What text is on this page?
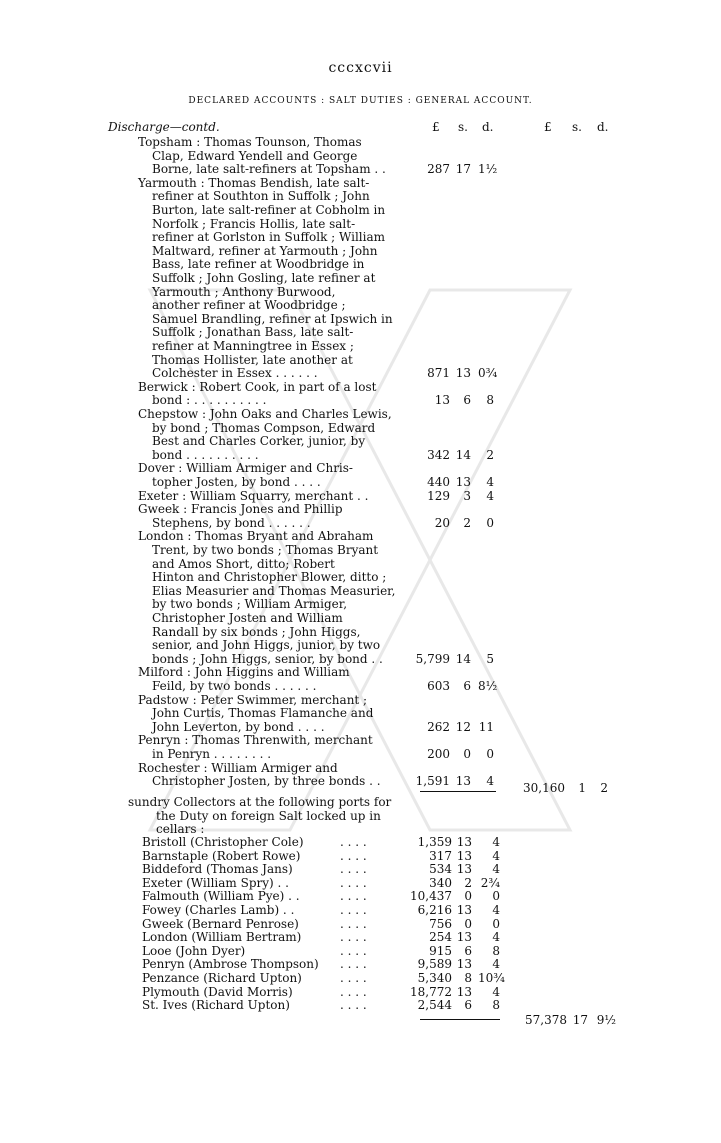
cccxcvii
DECLARED ACCOUNTS : SALT DUTIES : GENERAL ACCOUNT.
Discharge—contd.	£ s. d.	£ s. d.
Topsham : Thomas Tounson, Thomas
Clap, Edward Yendell and George
Borne, late salt-refiners at Topsham . .	287 17 1½
Yarmouth : Thomas Bendish, late salt-
refiner at Southton in Suffolk ; John
Burton, late salt-refiner at Cobholm in
Norfolk ; Francis Hollis, late salt-
refiner at Gorlston in Suffolk ; William
Maltward, refiner at Yarmouth ; John
Bass, late refiner at Woodbridge in
Suffolk ; John Gosling, late refiner at
Yarmouth ; Anthony Burwood,
another refiner at Woodbridge ;
Samuel Brandling, refiner at Ipswich in
Suffolk ; Jonathan Bass, late salt-
refiner at Manningtree in Essex ;
Thomas Hollister, late another at
Colchester in Essex . . . . . .	871 13 0¾
Berwick : Robert Cook, in part of a lost
bond : . . . . . . . . . .	13	6	8
Chepstow : John Oaks and Charles Lewis,
by bond ; Thomas Compson, Edward
Best and Charles Corker, junior, by
bond . . . . . . . . . .	342 14	2
Dover : William Armiger and Chris-
topher Josten, by bond . . . .	440 13	4
Exeter : William Squarry, merchant . .	129	3	4
Gweek : Francis Jones and Phillip
Stephens, by bond . . . . . .	20	2	0
London : Thomas Bryant and Abraham
Trent, by two bonds ; Thomas Bryant
and Amos Short, ditto; Robert
Hinton and Christopher Blower, ditto ;
Elias Measurier and Thomas Measurier,
by two bonds ; William Armiger,
Christopher Josten and William
Randall by six bonds ; John Higgs,
senior, and John Higgs, junior, by two
bonds ; John Higgs, senior, by bond . .	5,799 14	5
Milford : John Higgins and William
Feild, by two bonds . . . . . .	603	6 8½
Padstow : Peter Swimmer, merchant ;
John Curtis, Thomas Flamanche and
John Leverton, by bond . . . .	262 12 11
Penryn : Thomas Threnwith, merchant
in Penryn . . . . . . . .	200	0	0
Rochester : William Armiger and
Christopher Josten, by three bonds . .	1,591 13	4	30,160	1	2
sundry Collectors at the following ports for
the Duty on foreign Salt locked up in
cellars :
Bristoll (Christopher Cole)	. . . .	1,359 13	4
Barnstaple (Robert Rowe)	. . . .	317 13	4
Biddeford (Thomas Jans)	. . . .	534 13	4
Exeter (William Spry) . .	. . . .	340	2 2¾
Falmouth (William Pye) . .	. . . .	10,437	0	0
Fowey (Charles Lamb) . .	. . . .	6,216 13	4
Gweek (Bernard Penrose)	. . . .	756	0	0
London (William Bertram)	. . . .	254 13	4
Looe (John Dyer)	. . . .	915	6	8
Penryn (Ambrose Thompson) . . . .	9,589 13	4
Penzance (Richard Upton)	. . . .	5,340	8 10¾
Plymouth (David Morris)	. . . .	18,772 13	4
St. Ives (Richard Upton)	. . . .	2,544	6	8
57,378 17 9½
